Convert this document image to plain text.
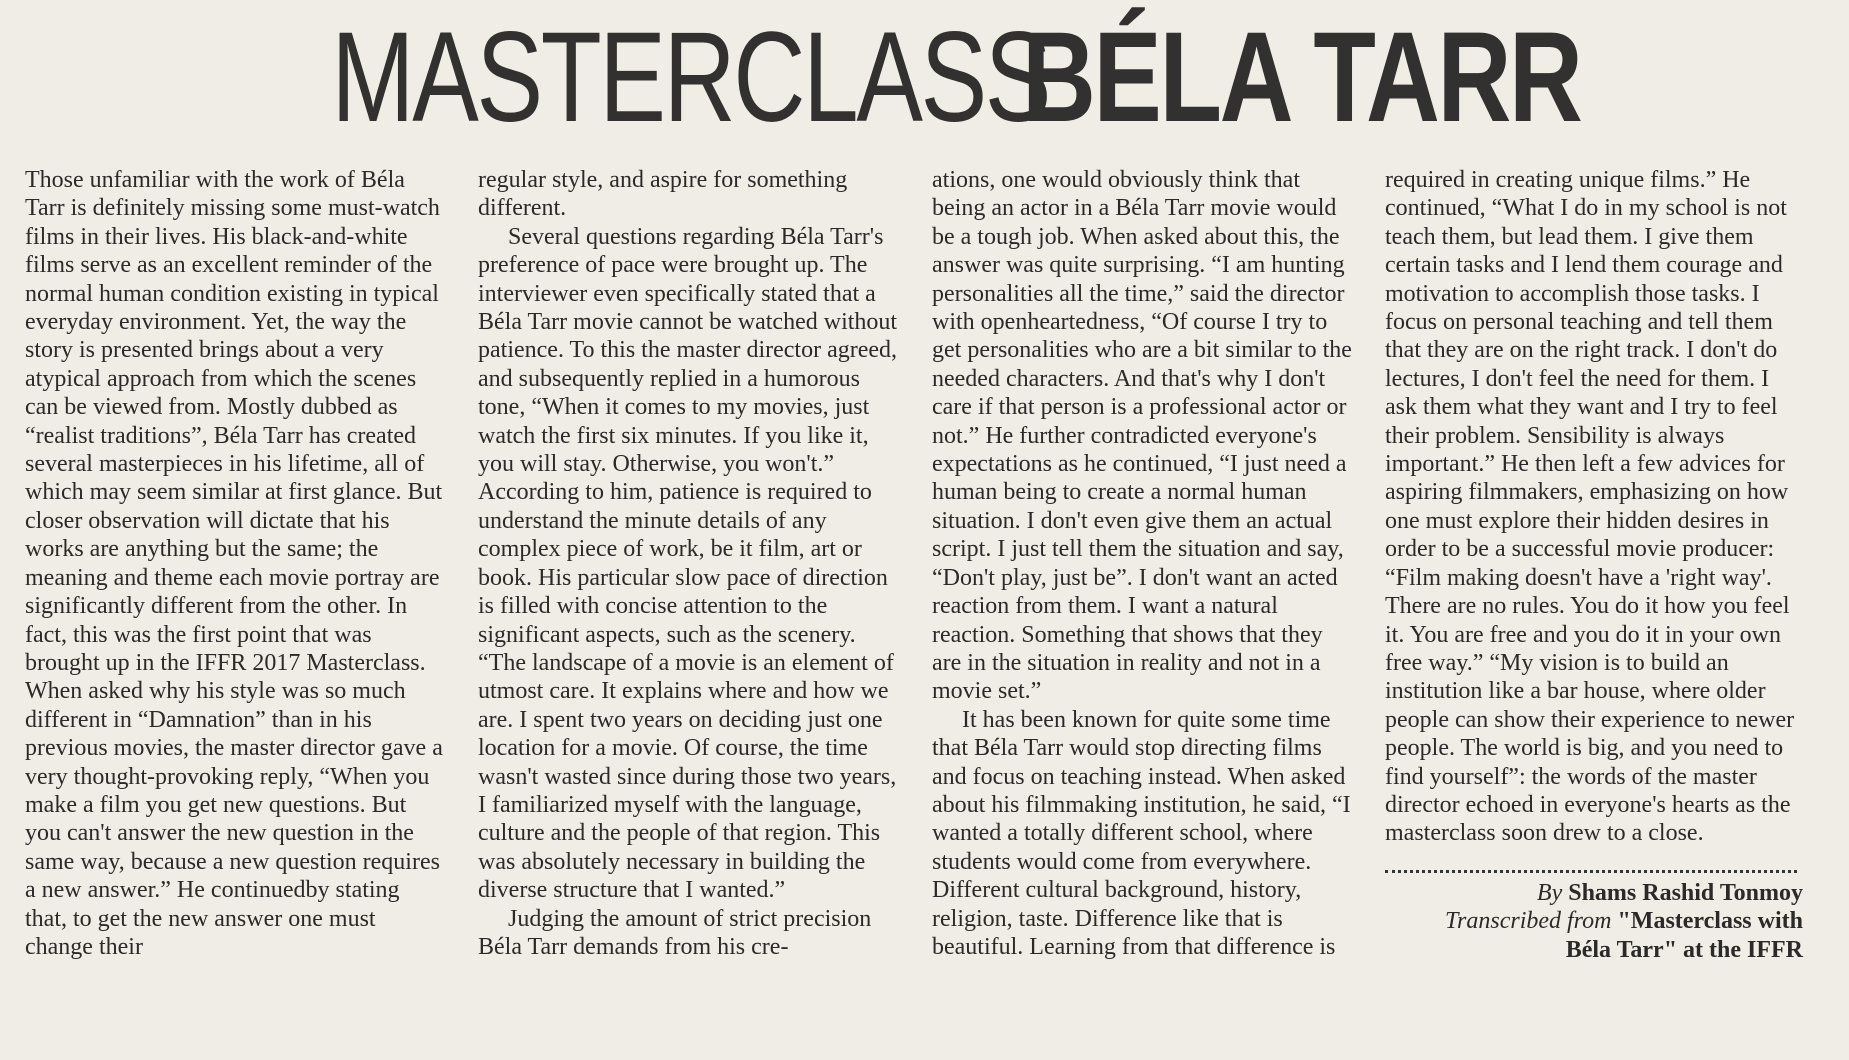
MASTERCLASS BÉLA TARR

Those unfamiliar with the work of Béla Tarr is definitely missing some must-watch films in their lives. His black-and-white films serve as an excellent reminder of the normal human condition existing in typical everyday environment. Yet, the way the story is presented brings about a very atypical approach from which the scenes can be viewed from. Mostly dubbed as “realist traditions”, Béla Tarr has created several masterpieces in his lifetime, all of which may seem similar at first glance. But closer observation will dictate that his works are anything but the same; the meaning and theme each movie portray are significantly different from the other. In fact, this was the first point that was brought up in the IFFR 2017 Masterclass. When asked why his style was so much different in “Damnation” than in his previous movies, the master director gave a very thought-provoking reply, “When you make a film you get new questions. But you can't answer the new question in the same way, because a new question requires a new answer.” He continuedby stating that, to get the new answer one must change their

regular style, and aspire for something different.

Several questions regarding Béla Tarr's preference of pace were brought up. The interviewer even specifically stated that a Béla Tarr movie cannot be watched without patience. To this the master director agreed, and subsequently replied in a humorous tone, “When it comes to my movies, just watch the first six minutes. If you like it, you will stay. Otherwise, you won't.” According to him, patience is required to understand the minute details of any complex piece of work, be it film, art or book. His particular slow pace of direction is filled with concise attention to the significant aspects, such as the scenery. “The landscape of a movie is an element of utmost care. It explains where and how we are. I spent two years on deciding just one location for a movie. Of course, the time wasn't wasted since during those two years, I familiarized myself with the language, culture and the people of that region. This was absolutely necessary in building the diverse structure that I wanted.”

Judging the amount of strict precision Béla Tarr demands from his cre-

ations, one would obviously think that being an actor in a Béla Tarr movie would be a tough job. When asked about this, the answer was quite surprising. “I am hunting personalities all the time,” said the director with openheartedness, “Of course I try to get personalities who are a bit similar to the needed characters. And that's why I don't care if that person is a professional actor or not.” He further contradicted everyone's expectations as he continued, “I just need a human being to create a normal human situation. I don't even give them an actual script. I just tell them the situation and say, “Don't play, just be”. I don't want an acted reaction from them. I want a natural reaction. Something that shows that they are in the situation in reality and not in a movie set.”

It has been known for quite some time that Béla Tarr would stop directing films and focus on teaching instead. When asked about his filmmaking institution, he said, “I wanted a totally different school, where students would come from everywhere. Different cultural background, history, religion, taste. Difference like that is beautiful. Learning from that difference is

required in creating unique films.” He continued, “What I do in my school is not teach them, but lead them. I give them certain tasks and I lend them courage and motivation to accomplish those tasks. I focus on personal teaching and tell them that they are on the right track. I don't do lectures, I don't feel the need for them. I ask them what they want and I try to feel their problem. Sensibility is always important.” He then left a few advices for aspiring filmmakers, emphasizing on how one must explore their hidden desires in order to be a successful movie producer: “Film making doesn't have a 'right way'. There are no rules. You do it how you feel it. You are free and you do it in your own free way.” “My vision is to build an institution like a bar house, where older people can show their experience to newer people. The world is big, and you need to find yourself”: the words of the master director echoed in everyone's hearts as the masterclass soon drew to a close.

By Shams Rashid Tonmoy
Transcribed from "Masterclass with
Béla Tarr" at the IFFR
